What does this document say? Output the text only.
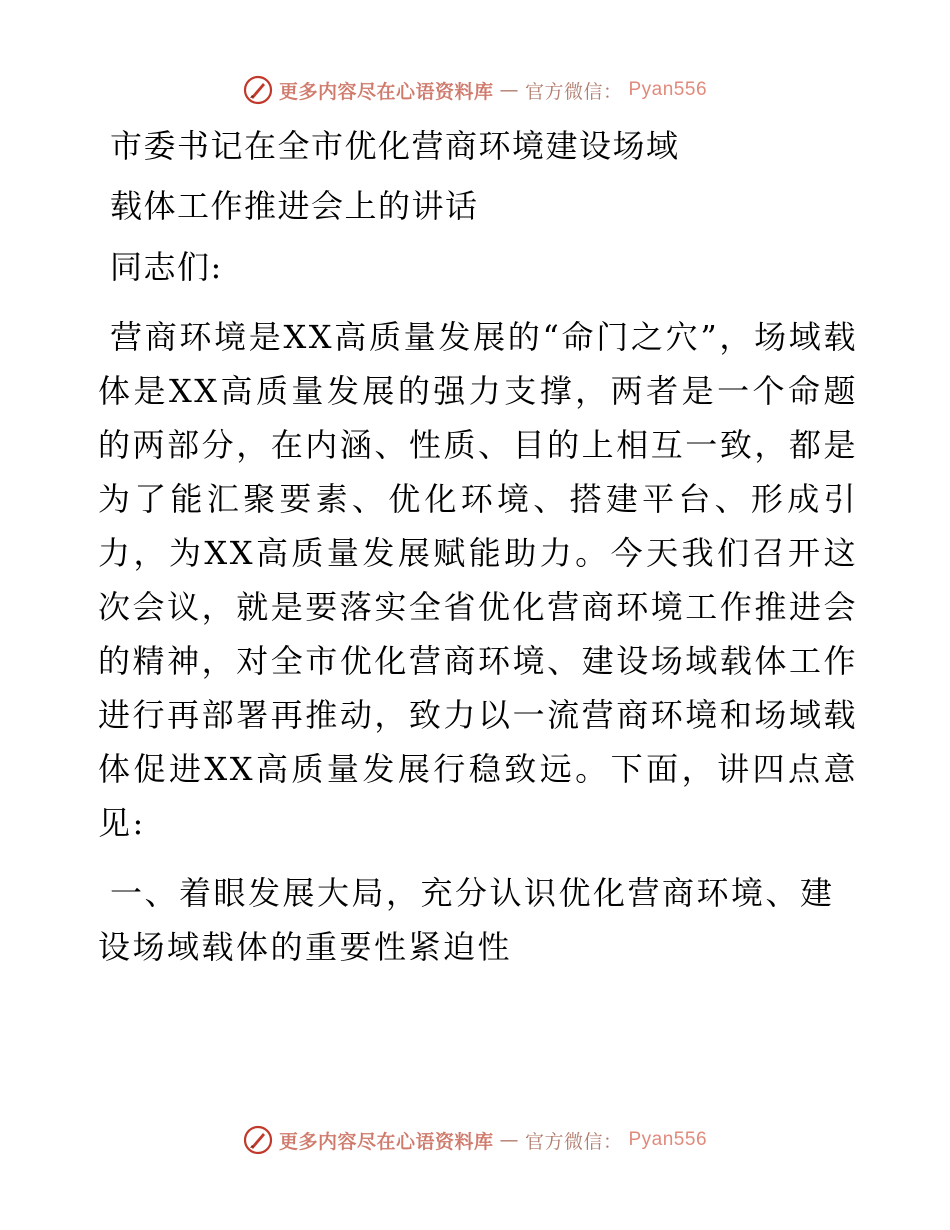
更多内容尽在心语资料库 — 官方微信： Pyan556
市委书记在全市优化营商环境建设场域
载体工作推进会上的讲话
同志们:

营商环境是XX高质量发展的“命门之穴”，场域载体是XX高质量发展的强力支撑，两者是一个命题的两部分，在内涵、性质、目的上相互一致，都是为了能汇聚要素、优化环境、搭建平台、形成引力，为XX高质量发展赋能助力。今天我们召开这次会议，就是要落实全省优化营商环境工作推进会的精神，对全市优化营商环境、建设场域载体工作进行再部署再推动，致力以一流营商环境和场域载体促进XX高质量发展行稳致远。下面，讲四点意见:

一、着眼发展大局，充分认识优化营商环境、建设场域载体的重要性紧迫性

更多内容尽在心语资料库 — 官方微信： Pyan556
